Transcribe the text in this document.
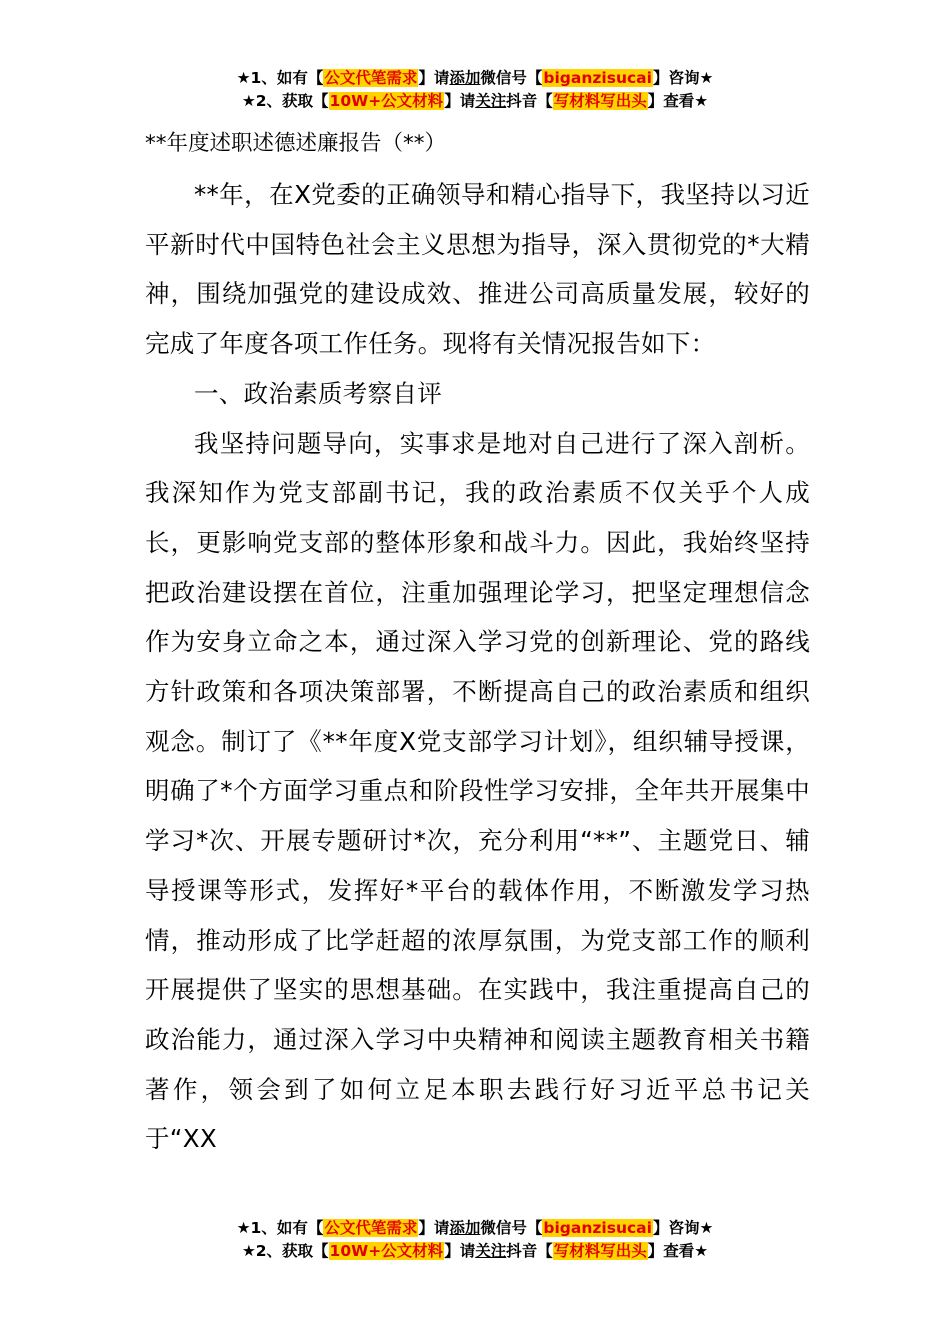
★1、如有【公文代笔需求】请添加微信号【biganzisucai】咨询★
★2、获取【10W+公文材料】请关注抖音【写材料写出头】查看★
**年度述职述德述廉报告（**）

**年，在X党委的正确领导和精心指导下，我坚持以习近平新时代中国特色社会主义思想为指导，深入贯彻党的*大精神，围绕加强党的建设成效、推进公司高质量发展，较好的完成了年度各项工作任务。现将有关情况报告如下：

一、政治素质考察自评

我坚持问题导向，实事求是地对自己进行了深入剖析。我深知作为党支部副书记，我的政治素质不仅关乎个人成长，更影响党支部的整体形象和战斗力。因此，我始终坚持把政治建设摆在首位，注重加强理论学习，把坚定理想信念作为安身立命之本，通过深入学习党的创新理论、党的路线方针政策和各项决策部署，不断提高自己的政治素质和组织观念。制订了《**年度X党支部学习计划》，组织辅导授课，明确了*个方面学习重点和阶段性学习安排，全年共开展集中学习*次、开展专题研讨*次，充分利用“**”、主题党日、辅导授课等形式，发挥好*平台的载体作用，不断激发学习热情，推动形成了比学赶超的浓厚氛围，为党支部工作的顺利开展提供了坚实的思想基础。在实践中，我注重提高自己的政治能力，通过深入学习中央精神和阅读主题教育相关书籍著作，领会到了如何立足本职去践行好习近平总书记关于“XX

★1、如有【公文代笔需求】请添加微信号【biganzisucai】咨询★
★2、获取【10W+公文材料】请关注抖音【写材料写出头】查看★
